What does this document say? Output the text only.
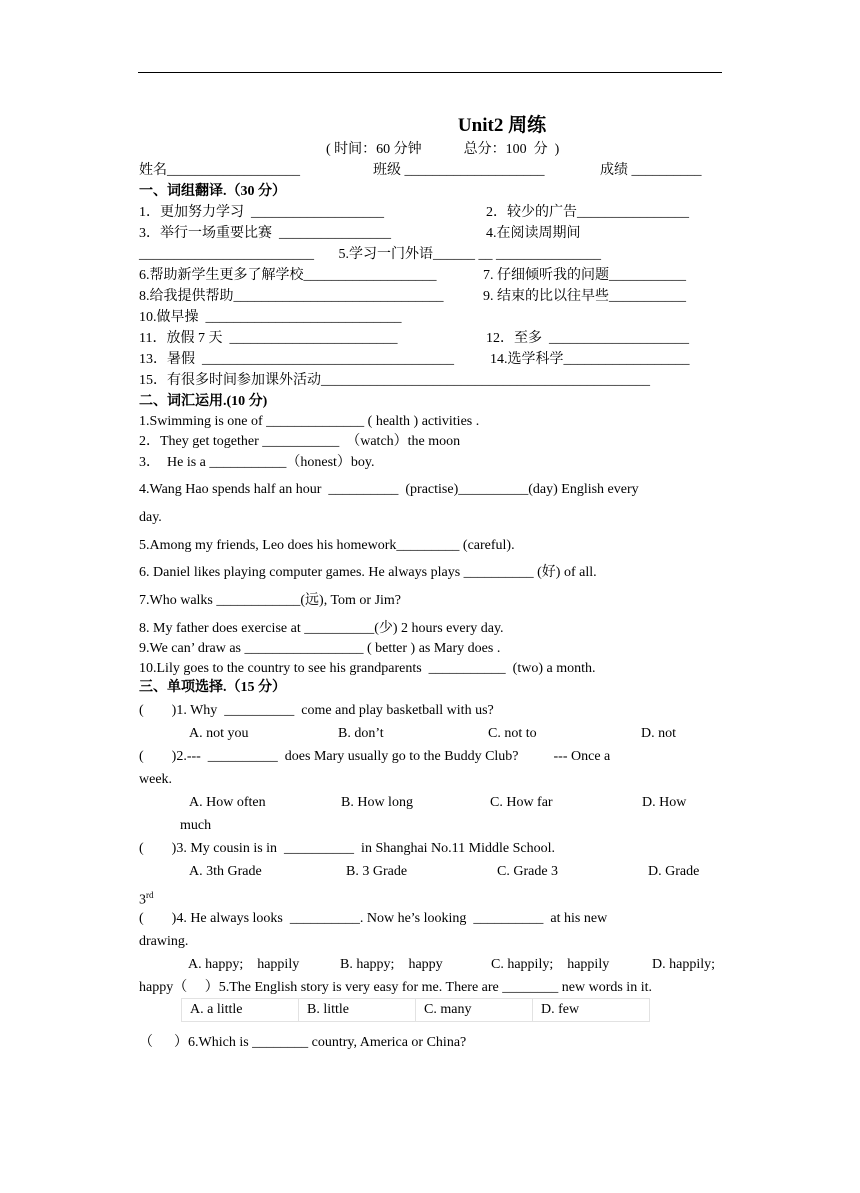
Unit2 周练
( 时间：60 分钟            总分：100  分  )
姓名___________________	班级 ____________________	成绩 __________
一、词组翻译.（30 分）
1．更加努力学习  ___________________	2．较少的广告________________
3．举行一场重要比赛  ________________	4.在阅读周期间
_________________________       5.学习一门外语______ __ _______________
6.帮助新学生更多了解学校___________________	7. 仔细倾听我的问题___________
8.给我提供帮助______________________________	9. 结束的比以往早些___________
10.做早操  ____________________________
11．放假 7 天  ________________________	12．至多  ____________________
13．暑假  ____________________________________	14.选学科学__________________
15．有很多时间参加课外活动_______________________________________________
二、词汇运用.(10 分)
1.Swimming is one of ______________ ( health ) activities .
2．They get together ___________  （watch）the moon
3．  He is a ___________（honest）boy.
4.Wang Hao spends half an hour  __________  (practise)__________(day) English every
day.
5.Among my friends, Leo does his homework_________ (careful).
6. Daniel likes playing computer games. He always plays __________ (好) of all.
7.Who walks ____________(远), Tom or Jim?
8. My father does exercise at __________(少) 2 hours every day.
9.We can’ draw as _________________ ( better ) as Mary does .
10.Lily goes to the country to see his grandparents  ___________  (two) a month.
三、单项选择.（15 分）
(        )1. Why  __________  come and play basketball with us?
A. not you	B. don’t	C. not to	D. not
(        )2.---  __________  does Mary usually go to the Buddy Club?          --- Once a
week.
A. How often	B. How long	C. How far	D. How
much
(        )3. My cousin is in  __________  in Shanghai No.11 Middle School.
A. 3th Grade	B. 3 Grade	C. Grade 3	D. Grade
3rd
(        )4. He always looks  __________. Now he’s looking  __________  at his new
drawing.
A. happy;    happily	B. happy;    happy	C. happily;    happily	D. happily;
happy（     ）5.The English story is very easy for me. There are ________ new words in it.
A. a little	B. little	C. many	D. few
（      ）6.Which is ________ country, America or China?
